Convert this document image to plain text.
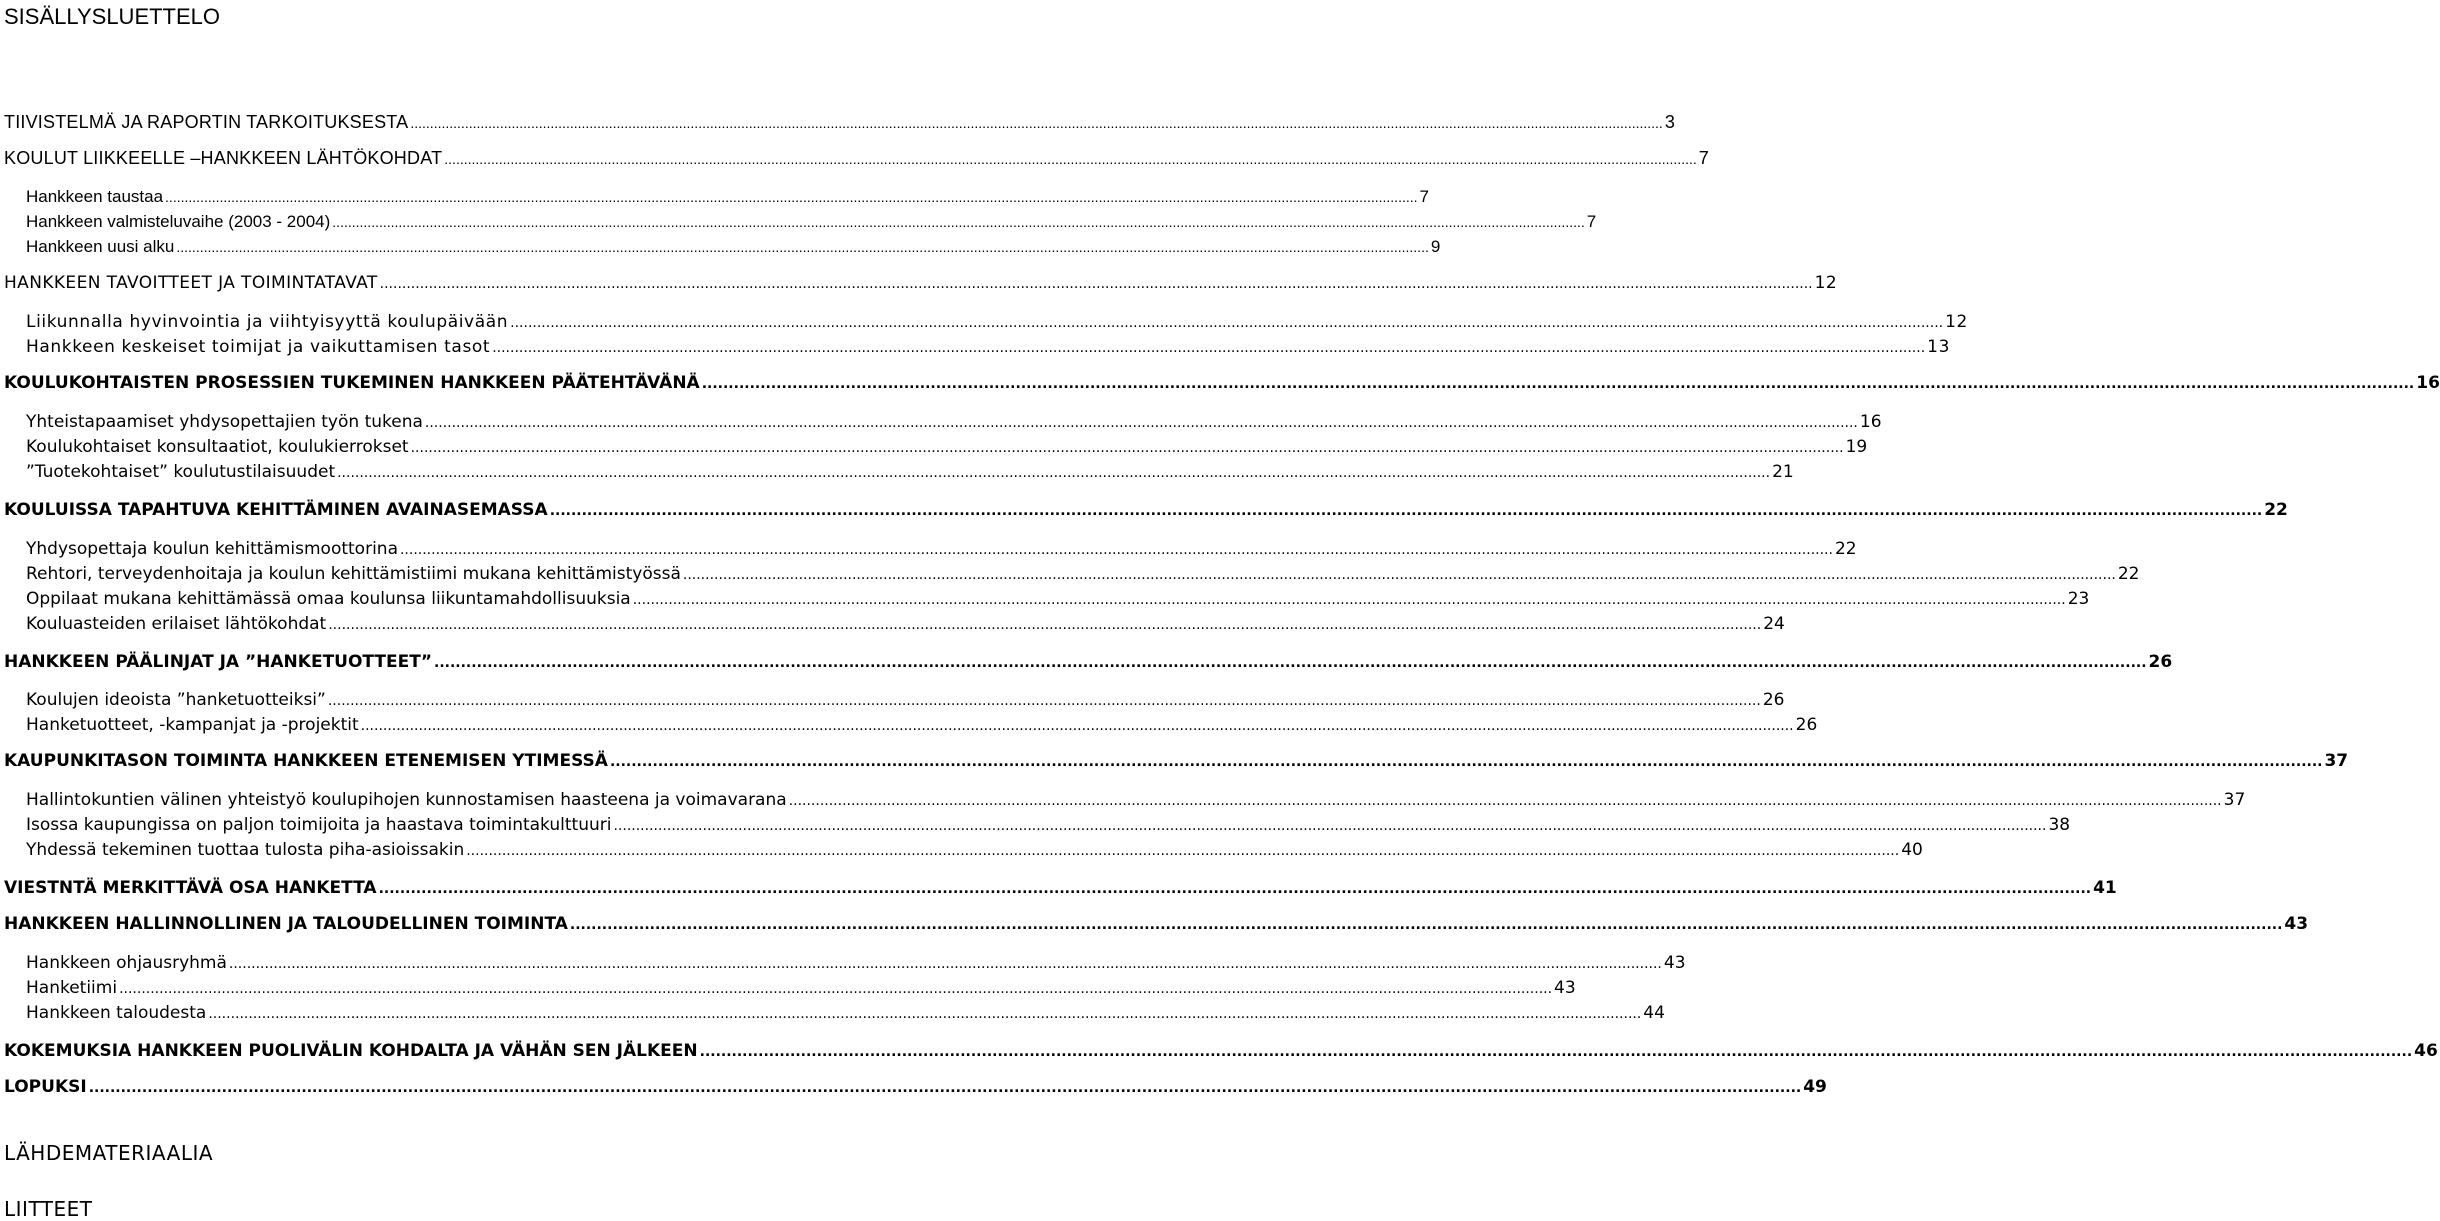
SISÄLLYSLUETTELO
TIIVISTELMÄ JA RAPORTIN TARKOITUKSESTA .....	3
KOULUT LIIKKEELLE –HANKKEEN LÄHTÖKOHDAT .....	7
Hankkeen taustaa .....	7
Hankkeen valmisteluvaihe (2003 - 2004) .....	7
Hankkeen uusi alku .....	9
HANKKEEN TAVOITTEET JA TOIMINTATAVAT .....	12
Liikunnalla hyvinvointia ja viihtyisyyttä koulupäivään .....	12
Hankkeen keskeiset toimijat ja vaikuttamisen tasot .....	13
KOULUKOHTAISTEN PROSESSIEN TUKEMINEN HANKKEEN PÄÄTEHTÄVÄNÄ .....	16
Yhteistapaamiset yhdysopettajien työn tukena .....	16
Koulukohtaiset konsultaatiot, koulukierrokset .....	19
”Tuotekohtaiset” koulutustilaisuudet .....	21
KOULUISSA TAPAHTUVA KEHITTÄMINEN AVAINASEMASSA .....	22
Yhdysopettaja koulun kehittämismoottorina .....	22
Rehtori, terveydenhoitaja ja koulun kehittämistiimi mukana kehittämistyössä .....	22
Oppilaat mukana kehittämässä omaa koulunsa liikuntamahdollisuuksia .....	23
Kouluasteiden erilaiset lähtökohdat .....	24
HANKKEEN PÄÄLINJAT JA ”HANKETUOTTEET” .....	26
Koulujen ideoista ”hanketuotteiksi” .....	26
Hanketuotteet, -kampanjat ja -projektit .....	26
KAUPUNKITASON TOIMINTA HANKKEEN ETENEMISEN YTIMESSÄ .....	37
Hallintokuntien välinen yhteistyö koulupihojen kunnostamisen haasteena ja voimavarana .....	37
Isossa kaupungissa on paljon toimijoita ja haastava toimintakulttuuri .....	38
Yhdessä tekeminen tuottaa tulosta piha-asioissakin .....	40
VIESTNTÄ MERKITTÄVÄ OSA HANKETTA .....	41
HANKKEEN HALLINNOLLINEN JA TALOUDELLINEN TOIMINTA .....	43
Hankkeen ohjausryhmä .....	43
Hanketiimi .....	43
Hankkeen taloudesta .....	44
KOKEMUKSIA HANKKEEN PUOLIVÄLIN KOHDALTA JA VÄHÄN SEN JÄLKEEN .....	46
LOPUKSI .....	49
LÄHDEMATERIAALIA
LIITTEET
